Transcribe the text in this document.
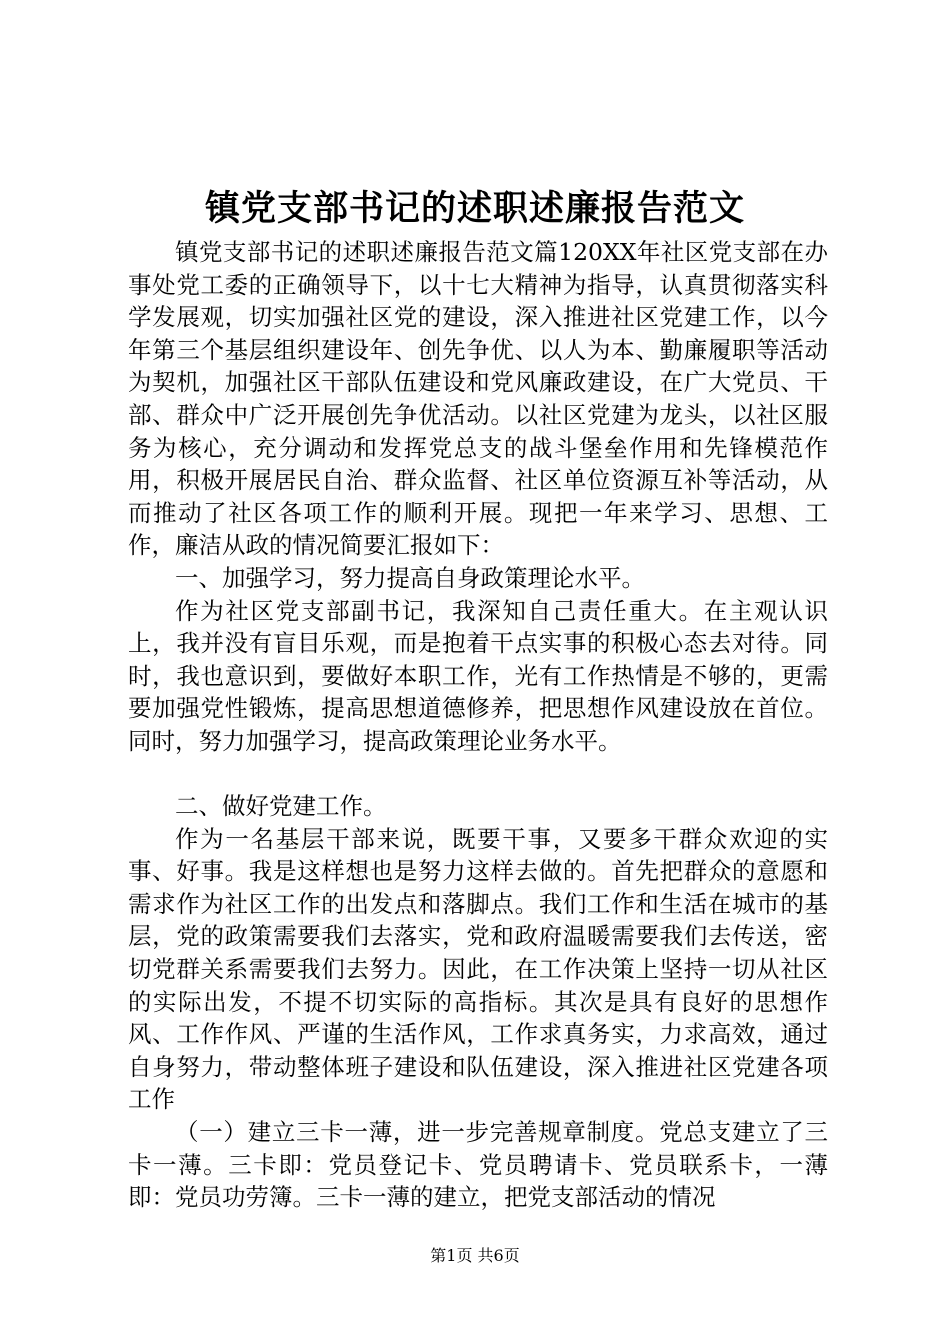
镇党支部书记的述职述廉报告范文

镇党支部书记的述职述廉报告范文篇120XX年社区党支部在办事处党工委的正确领导下，以十七大精神为指导，认真贯彻落实科学发展观，切实加强社区党的建设，深入推进社区党建工作，以今年第三个基层组织建设年、创先争优、以人为本、勤廉履职等活动为契机，加强社区干部队伍建设和党风廉政建设，在广大党员、干部、群众中广泛开展创先争优活动。以社区党建为龙头，以社区服务为核心，充分调动和发挥党总支的战斗堡垒作用和先锋模范作用，积极开展居民自治、群众监督、社区单位资源互补等活动，从而推动了社区各项工作的顺利开展。现把一年来学习、思想、工作，廉洁从政的情况简要汇报如下：

一、加强学习，努力提高自身政策理论水平。

作为社区党支部副书记，我深知自己责任重大。在主观认识上，我并没有盲目乐观，而是抱着干点实事的积极心态去对待。同时，我也意识到，要做好本职工作，光有工作热情是不够的，更需要加强党性锻炼，提高思想道德修养，把思想作风建设放在首位。同时，努力加强学习，提高政策理论业务水平。

二、做好党建工作。

作为一名基层干部来说，既要干事，又要多干群众欢迎的实事、好事。我是这样想也是努力这样去做的。首先把群众的意愿和需求作为社区工作的出发点和落脚点。我们工作和生活在城市的基层，党的政策需要我们去落实，党和政府温暖需要我们去传送，密切党群关系需要我们去努力。因此，在工作决策上坚持一切从社区的实际出发，不提不切实际的高指标。其次是具有良好的思想作风、工作作风、严谨的生活作风，工作求真务实，力求高效，通过自身努力，带动整体班子建设和队伍建设，深入推进社区党建各项工作

（一）建立三卡一薄，进一步完善规章制度。党总支建立了三卡一薄。三卡即：党员登记卡、党员聘请卡、党员联系卡，一薄即：党员功劳簿。三卡一薄的建立，把党支部活动的情况

第1页 共6页
